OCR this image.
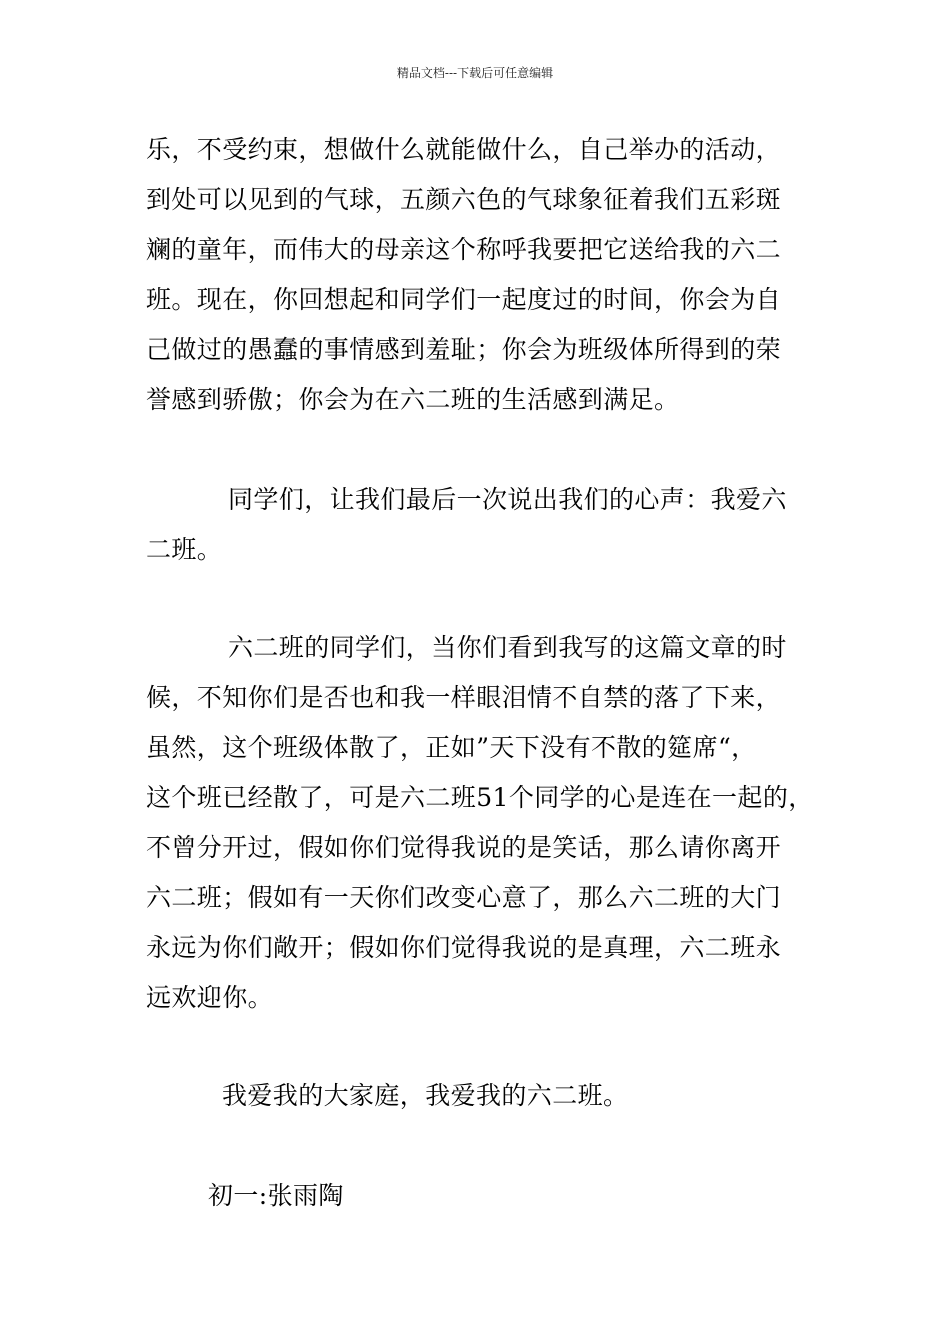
精品文档---下载后可任意编辑
乐，不受约束，想做什么就能做什么，自己举办的活动，
到处可以见到的气球，五颜六色的气球象征着我们五彩斑
斓的童年，而伟大的母亲这个称呼我要把它送给我的六二
班。现在，你回想起和同学们一起度过的时间，你会为自
己做过的愚蠢的事情感到羞耻；你会为班级体所得到的荣
誉感到骄傲；你会为在六二班的生活感到满足。
同学们，让我们最后一次说出我们的心声：我爱六
二班。
六二班的同学们，当你们看到我写的这篇文章的时
候，不知你们是否也和我一样眼泪情不自禁的落了下来，
虽然，这个班级体散了，正如”天下没有不散的筵席“，
这个班已经散了，可是六二班51个同学的心是连在一起的，
不曾分开过，假如你们觉得我说的是笑话，那么请你离开
六二班；假如有一天你们改变心意了，那么六二班的大门
永远为你们敞开；假如你们觉得我说的是真理，六二班永
远欢迎你。
我爱我的大家庭，我爱我的六二班。
初一:张雨陶
